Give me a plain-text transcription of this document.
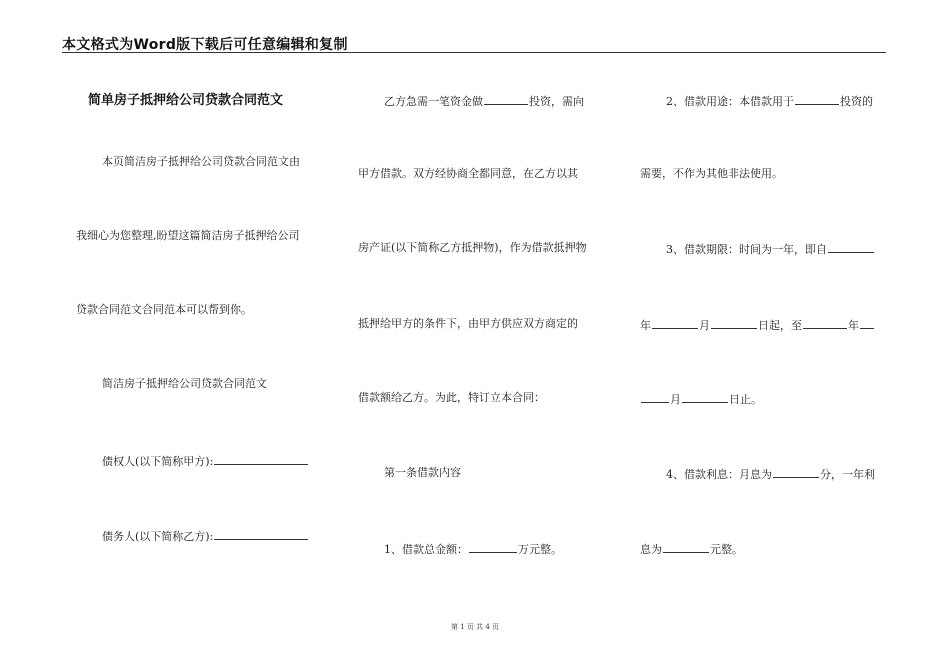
本文格式为Word版下载后可任意编辑和复制
简单房子抵押给公司贷款合同范文
本页简洁房子抵押给公司贷款合同范文由
我细心为您整理,盼望这篇简洁房子抵押给公司
贷款合同范文合同范本可以帮到你。
简洁房子抵押给公司贷款合同范文
债权人(以下简称甲方):
债务人(以下简称乙方):
乙方急需一笔资金做	投资，需向
甲方借款。双方经协商全都同意，在乙方以其
房产证(以下简称乙方抵押物)，作为借款抵押物
抵押给甲方的条件下，由甲方供应双方商定的
借款额给乙方。为此，特订立本合同：
第一条借款内容
1、借款总金额：	万元整。
2、借款用途：本借款用于	投资的
需要，不作为其他非法使用。
3、借款期限：时间为一年，即自
年	月	日起，至	年
月	日止。
4、借款利息：月息为	分，一年利
息为	元整。
第 1 页 共 4 页
